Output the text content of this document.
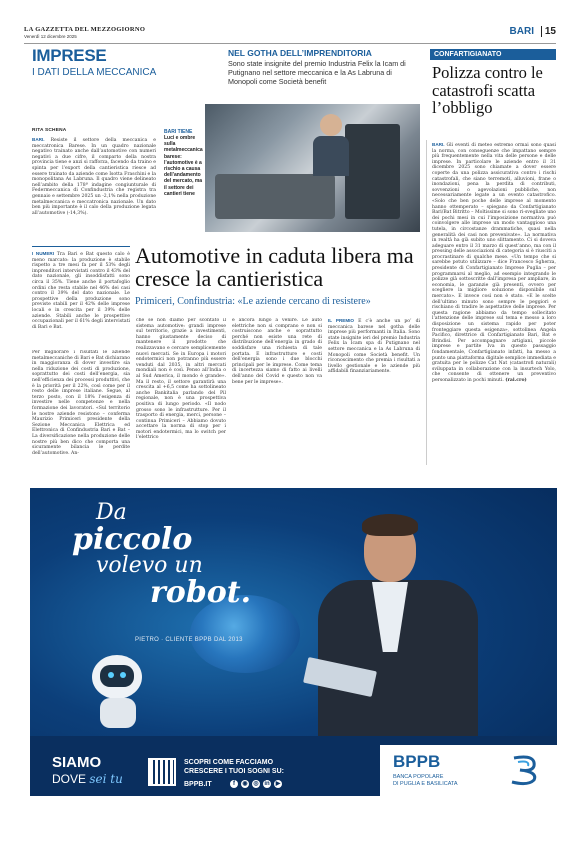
LA GAZZETTA DEL MEZZOGIORNO
Venerdì 12 dicembre 2025	BARI	15
IMPRESE
I DATI DELLA MECCANICA
NEL GOTHA DELL’IMPRENDITORIA
Sono state insignite del premio Industria Felix la Icam di Putignano nel settore meccanica e la As Labruna di Monopoli come Società benefit
CONFARTIGIANATO
Polizza contro le catastrofi scatta l’obbligo
RITA SCHENA
BARI. Resiste il settore della meccanica e meccatronica Barese. In un quadro nazionale negativo trainato anche dall’automotive con numeri negativi a due cifre, il comparto della nostra provincia tiene e anzi si rafforza, facendo da traino e spinta per l’export della cantieristica riesce ad essere trainato da aziende come Isotta Fraschini e la monopolitana As Labruna. Il quadro viene delineato nell’ambito della 178ª indagine congiunturale di Federmeccanica di Confindustria che registra tra gennaio e settembre 2025 un -2,1% nella produzione metalmeccanica e meccatronica nazionale. Un dato ben più importante è il calo della produzione legata all’automotive (-14,3%).
BARI TIENE
Luci e ombre sulla metalmeccanica barese: l’automotive è a rischio a causa dell’andamento del mercato, ma il settore dei cantieri tiene
I NUMERI Tra Bari e Bat questo calo è meno marcato: la produzione è stabile rispetto a tre mesi fa per il 53% degli imprenditori intervistati contro il 43% del dato nazionale, gli insoddisfatti sono circa il 35%. Tiene anche il portafoglio ordini che resta stabile nel 46% dei casi contro il 39% del dato nazionale. Le prospettive della produzione sono previste stabili per il 42% delle imprese locali e in crescita per il 39% delle aziende. Stabili anche le prospettive occupazionali per il 61% degli intervistati di Bari e Bat.
Automotive in caduta libera ma cresce la cantieristica
Primiceri, Confindustria: «Le aziende cercano di resistere»
Per migliorare i risultati le aziende metalmeccaniche di Bari e Bat dichiarano in maggioranza di dover investire sia nella riduzione dei costi di produzione, soprattutto dei costi dell’energia, sia nell’efficienza dei processi produttivi, che è la priorità per il 22%, così come per il resto delle imprese italiane. Segue, al terzo posto, con il 18% l’esigenza di investire nelle competenze e nella formazione dei lavoratori. «Sul territorio le nostre aziende resistono – conferma Maurizio Primiceri presidente della Sezione Meccanica Elettrica ed Elettronica di Confindustria Bari e Bat – La diversificazione nella produzione delle nostre più ben dico che comporta una sicuramente bilancia le perdite dell’automotive. An-
che se non diamo per scontato il sistema automotive: grandi imprese sul territorio, grazie a investimenti, hanno giustamente deciso di mantenere il prodotto che realizzavano e cercare semplicemente nuovi mercati. Se in Europa i motori endotermici non potranno più essere venduti dal 2035, in altri mercati mondiali non è così. Penso all’India o al Sud America, il mondo è grande». Ma il resto, il settore garantirà una crescita al +6,5 come ha sottolineato anche Bankitalia parlando del Pil regionale, non è una prospettiva positiva di lungo periodo. «Il nodo grosso sono le infrastrutture. Per il trasporto di energia, merci, persone – continua Primiceri – Abbiamo dovuto accettare la norma di stop per i motori endotermici, ma lo switch per l’elettrico
è ancora lungo a venire. Le auto elettriche non si comprano e non si costruiscono anche e soprattutto perché non esiste una rete di distribuzione dell’energia in grado di soddisfare una richiesta di tale portata. E infrastrutture e costi dell’energia sono i due blocchi principali per le imprese. Come tema di incertezza siamo di fatto ai livelli dell’anno del Covid e questo non va bene per le imprese».
IL PREMIO E c’è anche un po’ di meccanica barese nel gotha delle imprese più performanti in Italia. Sono state insignite ieri del premio Industria Felix la Icam spa di Putignano nel settore meccanica e la As Labruna di Monopoli come Società benefit. Un riconoscimento che premia i risultati a livello gestionale e le aziende più affidabili finanziariamente.
BARI. Gli eventi di meteo estremo ormai sono quasi la norma, con conseguenze che impattano sempre più frequentemente nella vita delle persone e delle imprese. In particolare le aziende entro il 31 dicembre 2025 sono chiamate a dover essere coperte da una polizza assicurativa contro i rischi catastrofali, che siano terremoti, alluvioni, frane o inondazioni, pena la perdita di contributi, sovvenzioni o agevolazioni pubbliche, non necessariamente legate a un evento catastrofico. «Solo che ben poche delle imprese al momento hanno ottemperato – spiegano da Confartigianato Bari/Bat Bitritto – Moltissime si sono ri-svegliate uno dei pochi mesi in cui l’imposizione normativa può coinvolgere alle imprese un modo vantaggioso una tutela, in circostanze drammatiche, quasi nella generalità dei casi non prevenivate». La normativa in realtà ha già subito uno slittamento. Ci si doveva adeguare entro il 31 marzo di quest’anno, ma con il pressing delle associazioni di categoria si è riusciti a procrastinare di qualche mese. «Un tempo che si sarebbe potuto utilizzare – dice Francesco Sgherza, presidente di Confartigianato Imprese Puglia – per programmarsi al meglio, ad esempio integrando le polizze già sottoscritte dall’impresa per ampliare, in economia, le garanzie già presenti, ovvero per scegliere la migliore soluzione disponibile sul mercato». E invece così non è stato. «E le scelte dell’ultimo minuto sono sempre le peggiori e rischiano di tradire le aspettative delle imprese. Per questa ragione abbiamo da tempo sollecitato l’attenzione delle imprese sul tema e messo a loro disposizione un sistema rapido per poter fronteggiare questa esigenza», sottolinea Angela Pacifico, direttrice di Confartigianato Bari, Bat e Brindisi. Per accompagnare artigiani, piccole imprese e partite Iva in questo passaggio fondamentale, Confartigianato infatti, ha messo a punto una piattaforma digitale semplice immediata e gratuita per le polizze Cat Nat (catastrofi naturali) sviluppata in collaborazione con la insurtech Yolo, che consente di ottenere un preventivo personalizzato in pochi minuti. (rai.cro)
Da
piccolo
volevo un
robot.
PIETRO · CLIENTE BPPB DAL 2013
SIAMO
DOVE sei tu
SCOPRI COME FACCIAMO
CRESCERE I TUOI SOGNI SU:
BPPB.IT	f	◉ ◎ in ▶
BPPB
BANCA POPOLARE
DI PUGLIA E BASILICATA
